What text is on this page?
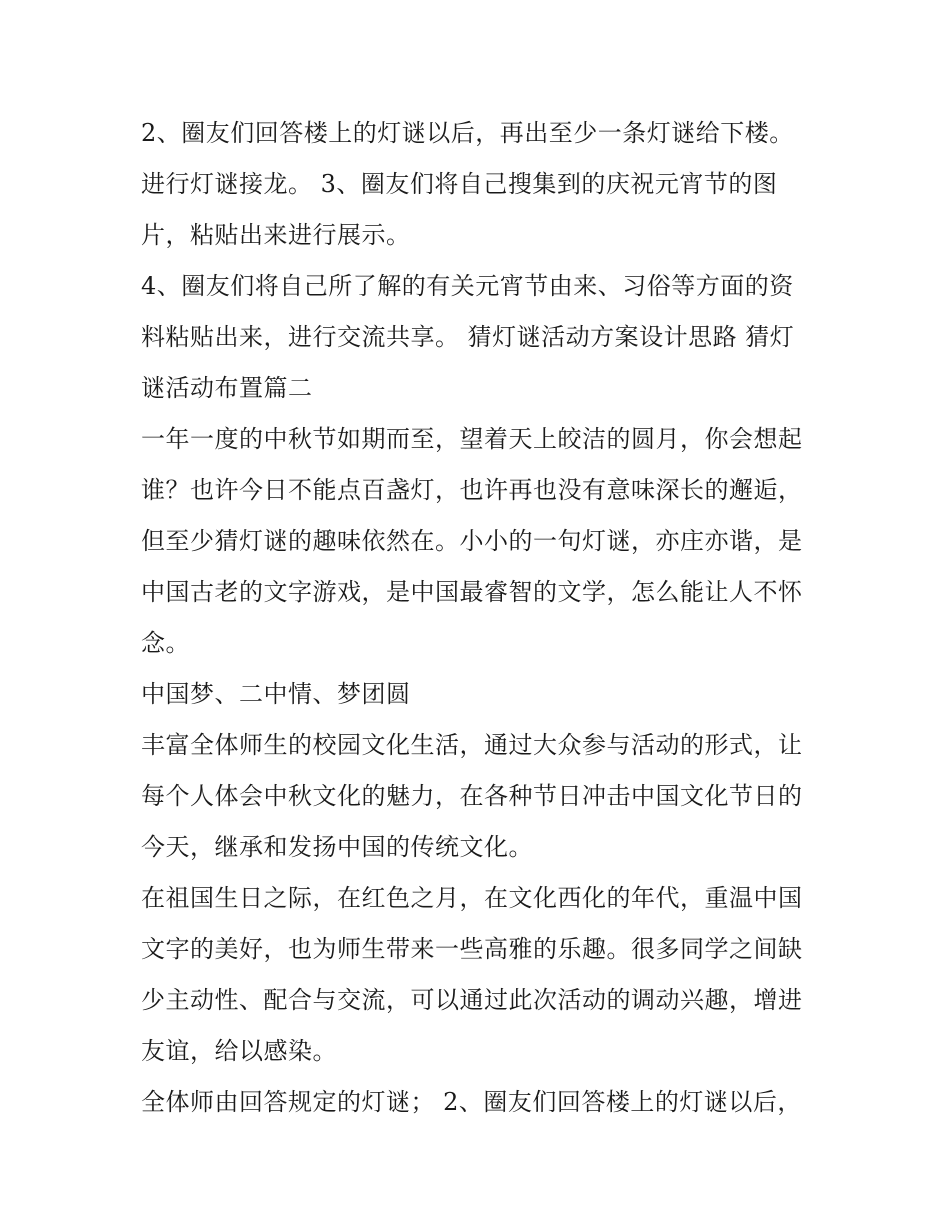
2、圈友们回答楼上的灯谜以后，再出至少一条灯谜给下楼。
进行灯谜接龙。 3、圈友们将自己搜集到的庆祝元宵节的图
片，粘贴出来进行展示。
4、圈友们将自己所了解的有关元宵节由来、习俗等方面的资
料粘贴出来，进行交流共享。 猜灯谜活动方案设计思路 猜灯
谜活动布置篇二
一年一度的中秋节如期而至，望着天上皎洁的圆月，你会想起
谁？也许今日不能点百盏灯，也许再也没有意味深长的邂逅，
但至少猜灯谜的趣味依然在。小小的一句灯谜，亦庄亦谐，是
中国古老的文字游戏，是中国最睿智的文学，怎么能让人不怀
念。
中国梦、二中情、梦团圆
丰富全体师生的校园文化生活，通过大众参与活动的形式，让
每个人体会中秋文化的魅力，在各种节日冲击中国文化节日的
今天，继承和发扬中国的传统文化。
在祖国生日之际，在红色之月，在文化西化的年代，重温中国
文字的美好，也为师生带来一些高雅的乐趣。很多同学之间缺
少主动性、配合与交流，可以通过此次活动的调动兴趣，增进
友谊，给以感染。
全体师由回答规定的灯谜； 2、圈友们回答楼上的灯谜以后，
